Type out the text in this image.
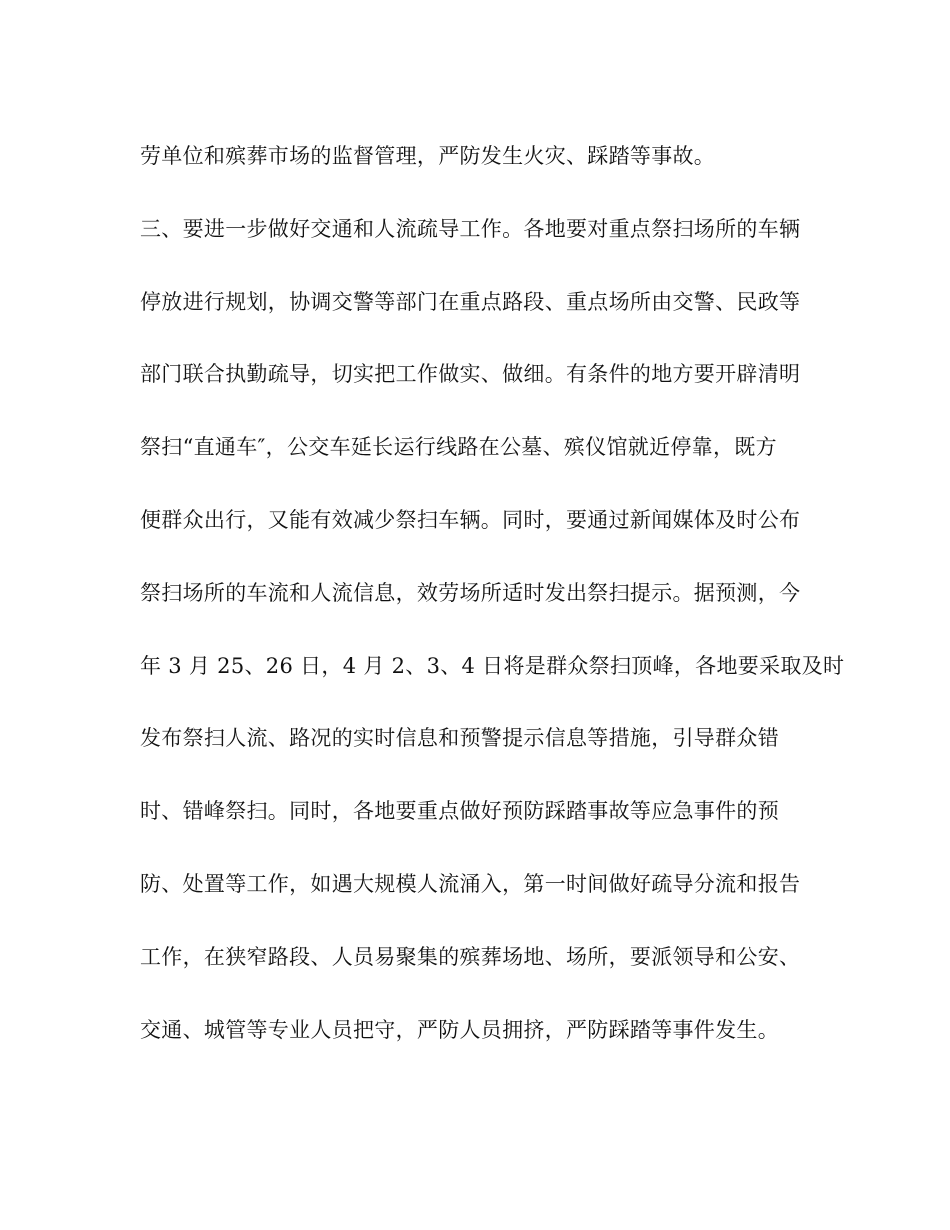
劳单位和殡葬市场的监督管理，严防发生火灾、踩踏等事故。
三、要进一步做好交通和人流疏导工作。各地要对重点祭扫场所的车辆
停放进行规划，协调交警等部门在重点路段、重点场所由交警、民政等
部门联合执勤疏导，切实把工作做实、做细。有条件的地方要开辟清明
祭扫“直通车″，公交车延长运行线路在公墓、殡仪馆就近停靠，既方
便群众出行，又能有效减少祭扫车辆。同时，要通过新闻媒体及时公布
祭扫场所的车流和人流信息，效劳场所适时发出祭扫提示。据预测，今
年 3 月 25、26 日，4 月 2、3、4 日将是群众祭扫顶峰，各地要采取及时
发布祭扫人流、路况的实时信息和预警提示信息等措施，引导群众错
时、错峰祭扫。同时，各地要重点做好预防踩踏事故等应急事件的预
防、处置等工作，如遇大规模人流涌入，第一时间做好疏导分流和报告
工作，在狭窄路段、人员易聚集的殡葬场地、场所，要派领导和公安、
交通、城管等专业人员把守，严防人员拥挤，严防踩踏等事件发生。
